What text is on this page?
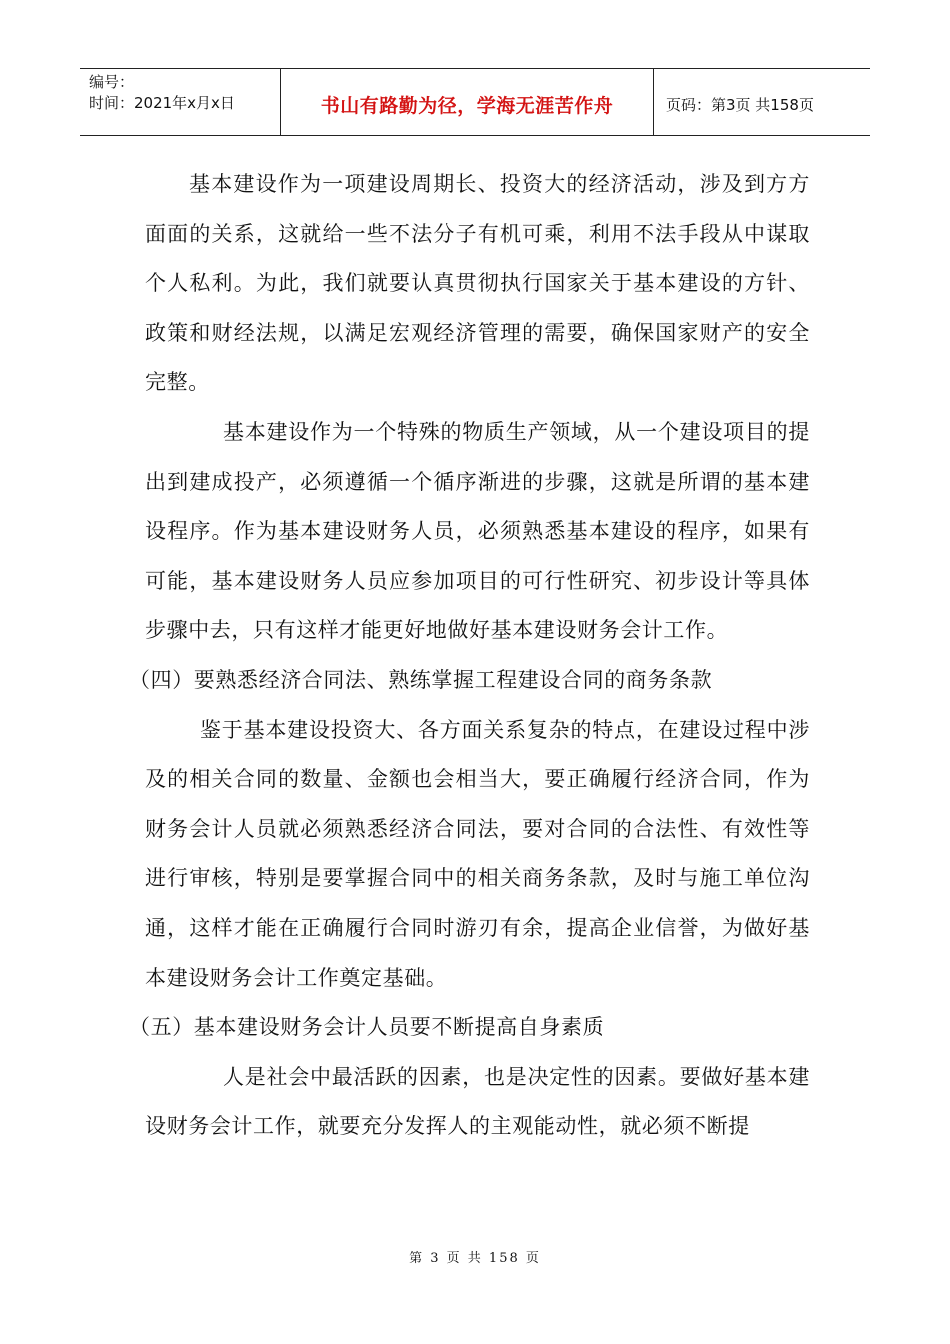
编号：
时间：2021年x月x日	书山有路勤为径，学海无涯苦作舟	页码：第3页 共158页

基本建设作为一项建设周期长、投资大的经济活动，涉及到方方面面的关系，这就给一些不法分子有机可乘，利用不法手段从中谋取个人私利。为此，我们就要认真贯彻执行国家关于基本建设的方针、政策和财经法规，以满足宏观经济管理的需要，确保国家财产的安全完整。

基本建设作为一个特殊的物质生产领域，从一个建设项目的提出到建成投产，必须遵循一个循序渐进的步骤，这就是所谓的基本建设程序。作为基本建设财务人员，必须熟悉基本建设的程序，如果有可能，基本建设财务人员应参加项目的可行性研究、初步设计等具体步骤中去，只有这样才能更好地做好基本建设财务会计工作。

（四）要熟悉经济合同法、熟练掌握工程建设合同的商务条款

鉴于基本建设投资大、各方面关系复杂的特点，在建设过程中涉及的相关合同的数量、金额也会相当大，要正确履行经济合同，作为财务会计人员就必须熟悉经济合同法，要对合同的合法性、有效性等进行审核，特别是要掌握合同中的相关商务条款，及时与施工单位沟通，这样才能在正确履行合同时游刃有余，提高企业信誉，为做好基本建设财务会计工作奠定基础。

（五）基本建设财务会计人员要不断提高自身素质

人是社会中最活跃的因素，也是决定性的因素。要做好基本建设财务会计工作，就要充分发挥人的主观能动性，就必须不断提

第 3 页 共 158 页
